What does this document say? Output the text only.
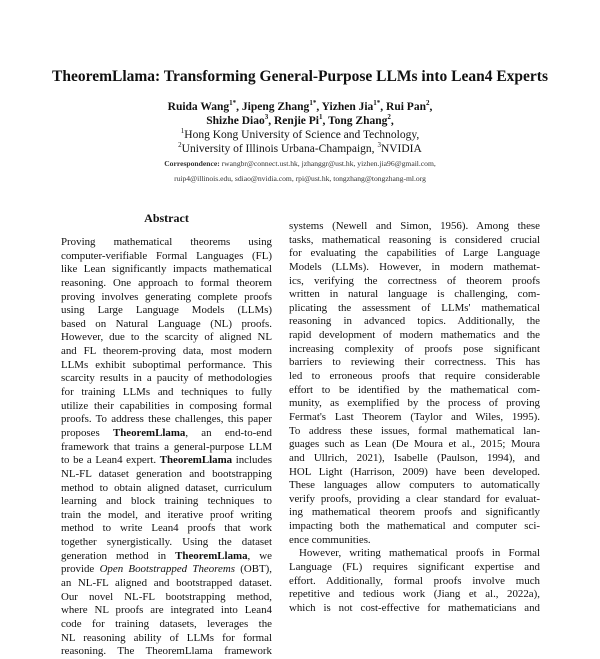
TheoremLlama: Transforming General-Purpose LLMs into Lean4 Experts
Ruida Wang$^{1*}$, Jipeng Zhang$^{1*}$, Yizhen Jia$^{1*}$, Rui Pan$^2$,
Shizhe Diao$^3$, Renjie Pi$^1$, Tong Zhang$^2$,
$^1$Hong Kong University of Science and Technology,
$^2$University of Illinois Urbana-Champaign, $^3$NVIDIA
Correspondence: rwangbr@connect.ust.hk, jzhanggr@ust.hk, yizhen.jia96@gmail.com,
ruip4@illinois.edu, sdiao@nvidia.com, rpi@ust.hk, tongzhang@tongzhang-ml.org
Abstract
Proving mathematical theorems using
computer-verifiable Formal Languages (FL)
like Lean significantly impacts mathematical
reasoning. One approach to formal theorem
proving involves generating complete proofs
using Large Language Models (LLMs)
based on Natural Language (NL) proofs.
However, due to the scarcity of aligned NL
and FL theorem-proving data, most modern
LLMs exhibit suboptimal performance. This
scarcity results in a paucity of methodologies
for training LLMs and techniques to fully
utilize their capabilities in composing formal
proofs. To address these challenges, this paper
proposes TheoremLlama, an end-to-end
framework that trains a general-purpose LLM
to be a Lean4 expert. TheoremLlama includes
NL-FL dataset generation and bootstrapping
method to obtain aligned dataset, curriculum
learning and block training techniques to
train the model, and iterative proof writing
method to write Lean4 proofs that work
together synergistically. Using the dataset
generation method in TheoremLlama, we
provide Open Bootstrapped Theorems (OBT),
an NL-FL aligned and bootstrapped dataset.
Our novel NL-FL bootstrapping method,
where NL proofs are integrated into Lean4
code for training datasets, leverages the
NL reasoning ability of LLMs for formal
reasoning. The TheoremLlama framework
systems (Newell and Simon, 1956). Among these
tasks, mathematical reasoning is considered crucial
for evaluating the capabilities of Large Language
Models (LLMs). However, in modern mathemat-
ics, verifying the correctness of theorem proofs
written in natural language is challenging, com-
plicating the assessment of LLMs' mathematical
reasoning in advanced topics. Additionally, the
rapid development of modern mathematics and the
increasing complexity of proofs pose significant
barriers to reviewing their correctness. This has
led to erroneous proofs that require considerable
effort to be identified by the mathematical com-
munity, as exemplified by the process of proving
Fermat's Last Theorem (Taylor and Wiles, 1995).
To address these issues, formal mathematical lan-
guages such as Lean (De Moura et al., 2015; Moura
and Ullrich, 2021), Isabelle (Paulson, 1994), and
HOL Light (Harrison, 2009) have been developed.
These languages allow computers to automatically
verify proofs, providing a clear standard for evaluat-
ing mathematical theorem proofs and significantly
impacting both the mathematical and computer sci-
ence communities.
However, writing mathematical proofs in Formal
Language (FL) requires significant expertise and
effort. Additionally, formal proofs involve much
repetitive and tedious work (Jiang et al., 2022a),
which is not cost-effective for mathematicians and
